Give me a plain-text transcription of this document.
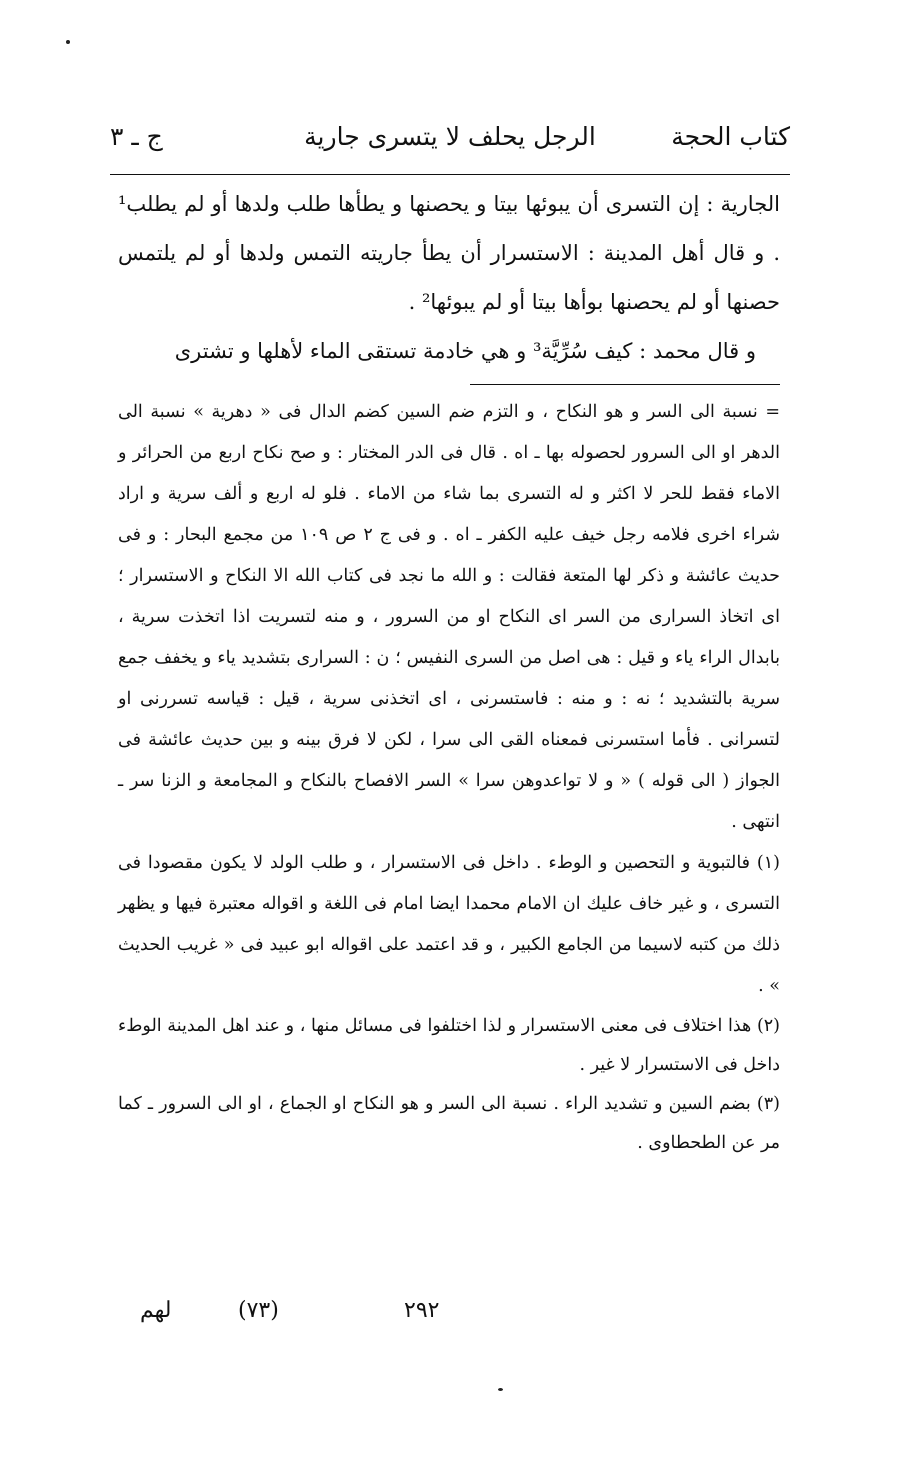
كتاب الحجة
الرجل يحلف لا يتسرى جارية
ج ـ ٣

الجارية : إن التسرى أن يبوئها بيتا و يحصنها و يطأها طلب ولدها أو لم يطلب¹ . و قال أهل المدينة : الاستسرار أن يطأ جاريته التمس ولدها أو لم يلتمس حصنها أو لم يحصنها بوأها بيتا أو لم يبوئها² .

و قال محمد : كيف سُرِّيَّة³ و هي خادمة تستقى الماء لأهلها و تشترى

= نسبة الى السر و هو النكاح ، و التزم ضم السين كضم الدال فى « دهرية » نسبة الى الدهر او الى السرور لحصوله بها ـ اه . قال فى الدر المختار : و صح نكاح اربع من الحرائر و الاماء فقط للحر لا اكثر و له التسرى بما شاء من الاماء . فلو له اربع و ألف سرية و اراد شراء اخرى فلامه رجل خيف عليه الكفر ـ اه . و فى ج ٢ ص ١٠٩ من مجمع البحار : و فى حديث عائشة و ذكر لها المتعة فقالت : و الله ما نجد فى كتاب الله الا النكاح و الاستسرار ؛ اى اتخاذ السرارى من السر اى النكاح او من السرور ، و منه لتسريت اذا اتخذت سرية ، بابدال الراء ياء و قيل : هى اصل من السرى النفيس ؛ ن : السرارى بتشديد ياء و يخفف جمع سرية بالتشديد ؛ نه : و منه : فاستسرنى ، اى اتخذنى سرية ، قيل : قياسه تسررنى او لتسرانى . فأما استسرنى فمعناه القى الى سرا ، لكن لا فرق بينه و بين حديث عائشة فى الجواز ( الى قوله ) « و لا تواعدوهن سرا » السر الافصاح بالنكاح و المجامعة و الزنا سر ـ انتهى .

(١) فالتبوية و التحصين و الوطء . داخل فى الاستسرار ، و طلب الولد لا يكون مقصودا فى التسرى ، و غير خاف عليك ان الامام محمدا ايضا امام فى اللغة و اقواله معتبرة فيها و يظهر ذلك من كتبه لاسيما من الجامع الكبير ، و قد اعتمد على اقواله ابو عبيد فى « غريب الحديث » .

(٢) هذا اختلاف فى معنى الاستسرار و لذا اختلفوا فى مسائل منها ، و عند اهل المدينة الوطء داخل فى الاستسرار لا غير .

(٣) بضم السين و تشديد الراء . نسبة الى السر و هو النكاح او الجماع ، او الى السرور ـ كما مر عن الطحطاوى .

٢٩٢
(٧٣)
لهم
